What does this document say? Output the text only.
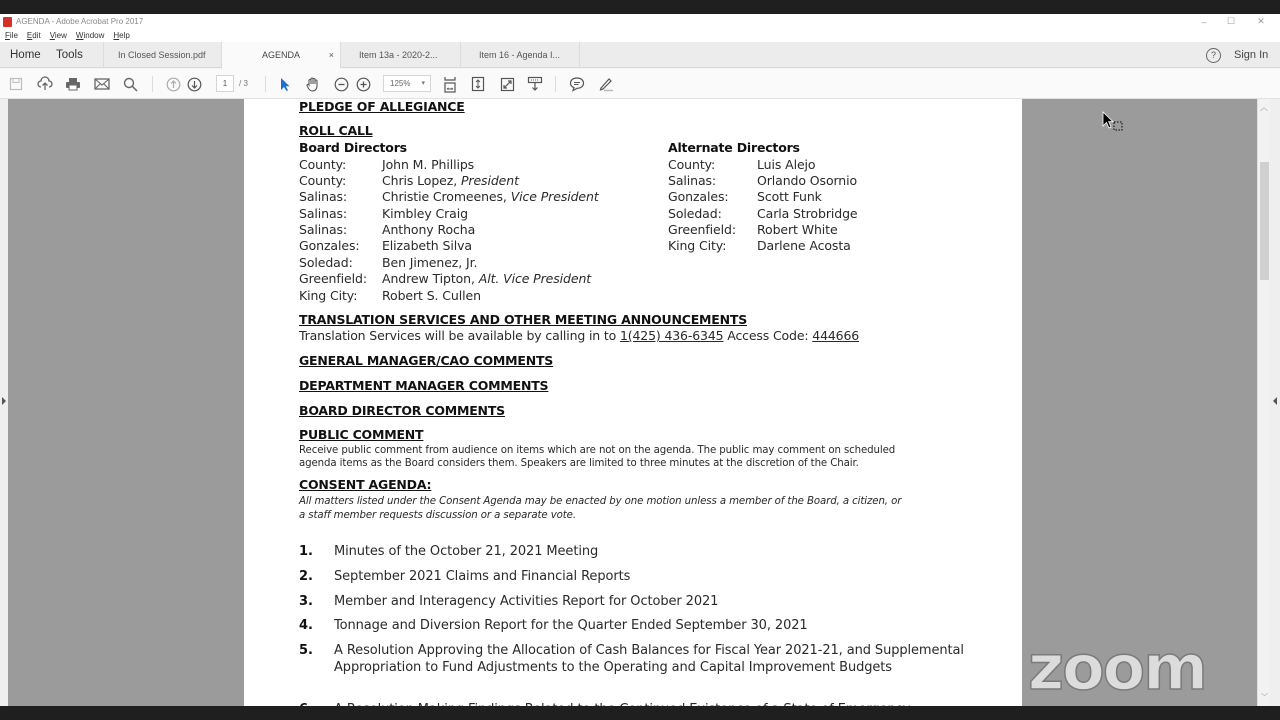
AGENDA - Adobe Acrobat Pro 2017	–	☐	✕
File Edit View Window Help
Home Tools	In Closed Session.pdf	AGENDA	×	Item 13a - 2020-2...	Item 16 - Agenda I...	?	Sign In
1	/ 3	125% ▾
︿
﹀
PLEDGE OF ALLEGIANCE
ROLL CALL
Board Directors
County:	John M. Phillips
County:	Chris Lopez, President
Salinas:	Christie Cromeenes, Vice President
Salinas:	Kimbley Craig
Salinas:	Anthony Rocha
Gonzales: Elizabeth Silva
Soledad: Ben Jimenez, Jr.
Greenfield: Andrew Tipton, Alt. Vice President
King City: Robert S. Cullen
Alternate Directors
County:	Luis Alejo
Salinas:	Orlando Osornio
Gonzales: Scott Funk
Soledad:	Carla Strobridge
Greenfield: Robert White
King City: Darlene Acosta
TRANSLATION SERVICES AND OTHER MEETING ANNOUNCEMENTS
Translation Services will be available by calling in to 1(425) 436-6345 Access Code: 444666
GENERAL MANAGER/CAO COMMENTS
DEPARTMENT MANAGER COMMENTS
BOARD DIRECTOR COMMENTS
PUBLIC COMMENT
Receive public comment from audience on items which are not on the agenda. The public may comment on scheduled
agenda items as the Board considers them. Speakers are limited to three minutes at the discretion of the Chair.
CONSENT AGENDA:
All matters listed under the Consent Agenda may be enacted by one motion unless a member of the Board, a citizen, or
a staff member requests discussion or a separate vote.
1. Minutes of the October 21, 2021 Meeting
2. September 2021 Claims and Financial Reports
3. Member and Interagency Activities Report for October 2021
4. Tonnage and Diversion Report for the Quarter Ended September 30, 2021
5. A Resolution Approving the Allocation of Cash Balances for Fiscal Year 2021-21, and Supplemental Appropriation to Fund Adjustments to the Operating and Capital Improvement Budgets	zoom
